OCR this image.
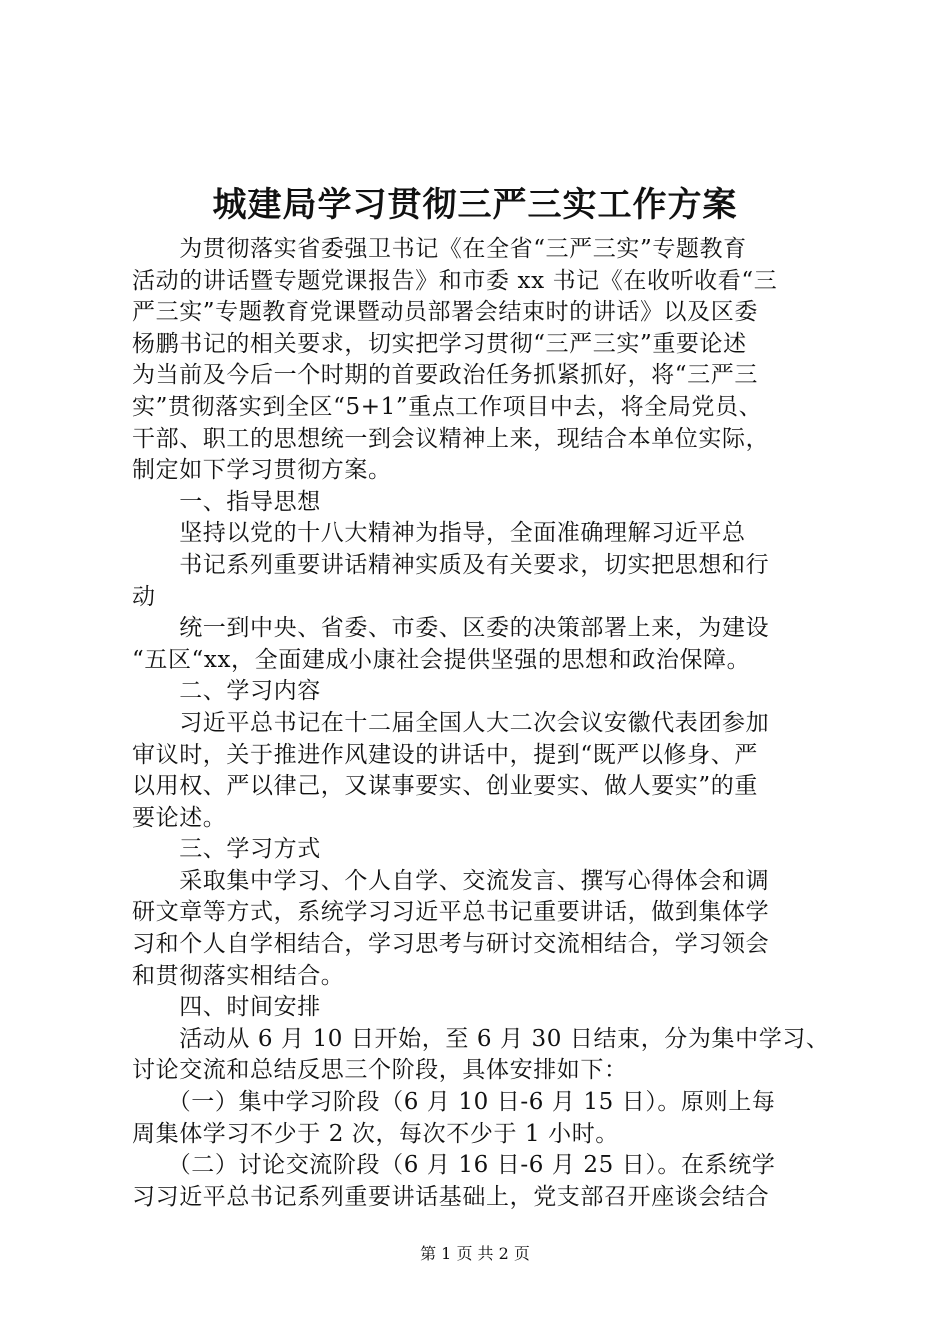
城建局学习贯彻三严三实工作方案
　　为贯彻落实省委强卫书记《在全省“三严三实”专题教育
活动的讲话暨专题党课报告》和市委 xx 书记《在收听收看“三
严三实”专题教育党课暨动员部署会结束时的讲话》以及区委
杨鹏书记的相关要求，切实把学习贯彻“三严三实”重要论述
为当前及今后一个时期的首要政治任务抓紧抓好，将“三严三
实”贯彻落实到全区“5+1”重点工作项目中去，将全局党员、
干部、职工的思想统一到会议精神上来，现结合本单位实际，
制定如下学习贯彻方案。
　　一、指导思想
　　坚持以党的十八大精神为指导，全面准确理解习近平总
　　书记系列重要讲话精神实质及有关要求，切实把思想和行
动
　　统一到中央、省委、市委、区委的决策部署上来，为建设
“五区“xx，全面建成小康社会提供坚强的思想和政治保障。
　　二、学习内容
　　习近平总书记在十二届全国人大二次会议安徽代表团参加
审议时，关于推进作风建设的讲话中，提到“既严以修身、严
以用权、严以律己，又谋事要实、创业要实、做人要实”的重
要论述。
　　三、学习方式
　　采取集中学习、个人自学、交流发言、撰写心得体会和调
研文章等方式，系统学习习近平总书记重要讲话，做到集体学
习和个人自学相结合，学习思考与研讨交流相结合，学习领会
和贯彻落实相结合。
　　四、时间安排
　　活动从 6 月 10 日开始，至 6 月 30 日结束，分为集中学习、
讨论交流和总结反思三个阶段，具体安排如下：
　　（一）集中学习阶段（6 月 10 日-6 月 15 日）。原则上每
周集体学习不少于 2 次，每次不少于 1 小时。
　　（二）讨论交流阶段（6 月 16 日-6 月 25 日）。在系统学
习习近平总书记系列重要讲话基础上，党支部召开座谈会结合
第 1 页 共 2 页
